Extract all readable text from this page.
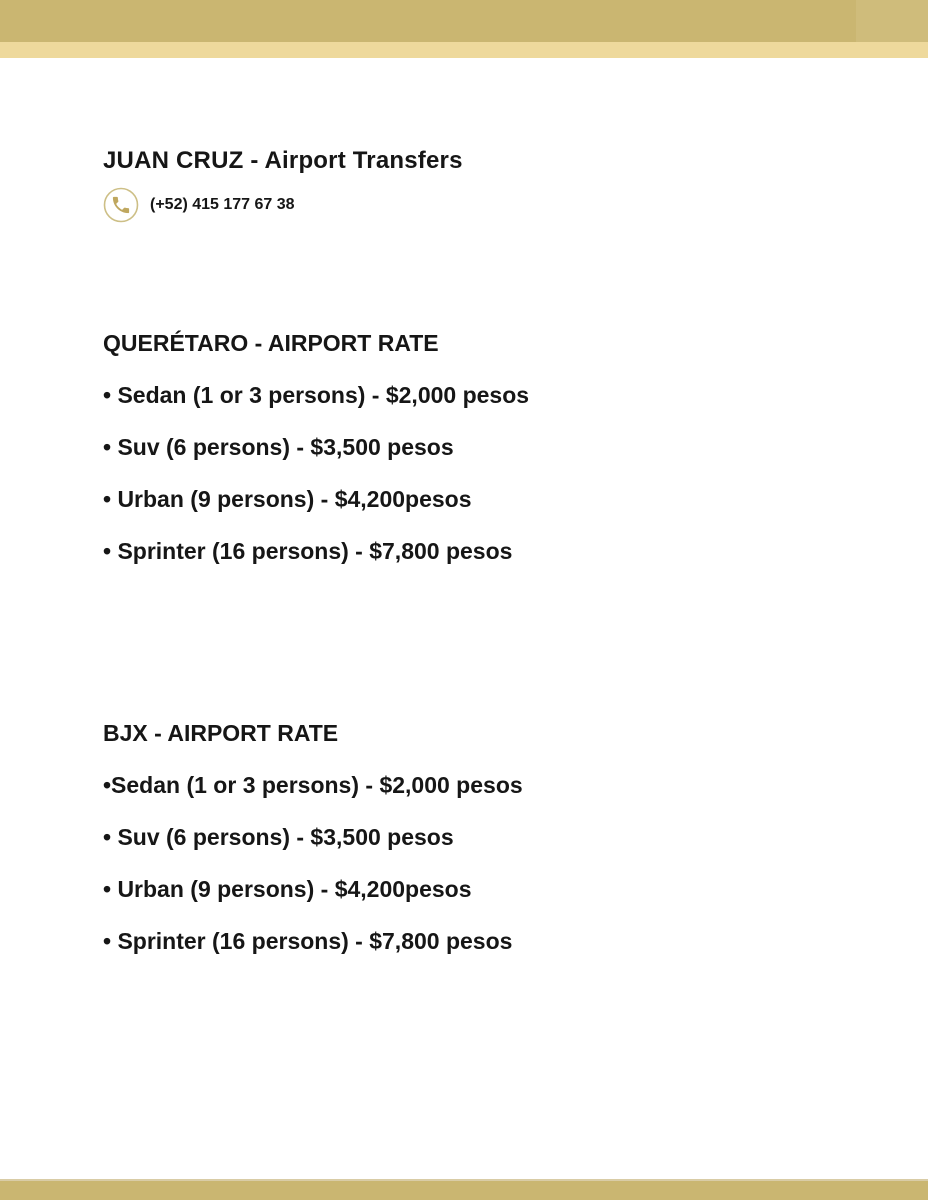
JUAN CRUZ - Airport Transfers
(+52) 415 177 67 38
QUERÉTARO - AIRPORT RATE
• Sedan (1 or 3 persons) - $2,000 pesos
• Suv (6 persons) - $3,500 pesos
• Urban (9 persons) - $4,200pesos
• Sprinter (16 persons) - $7,800 pesos
BJX - AIRPORT RATE
•Sedan (1 or 3 persons) - $2,000 pesos
• Suv (6 persons) - $3,500 pesos
• Urban (9 persons) - $4,200pesos
• Sprinter (16 persons) - $7,800 pesos
